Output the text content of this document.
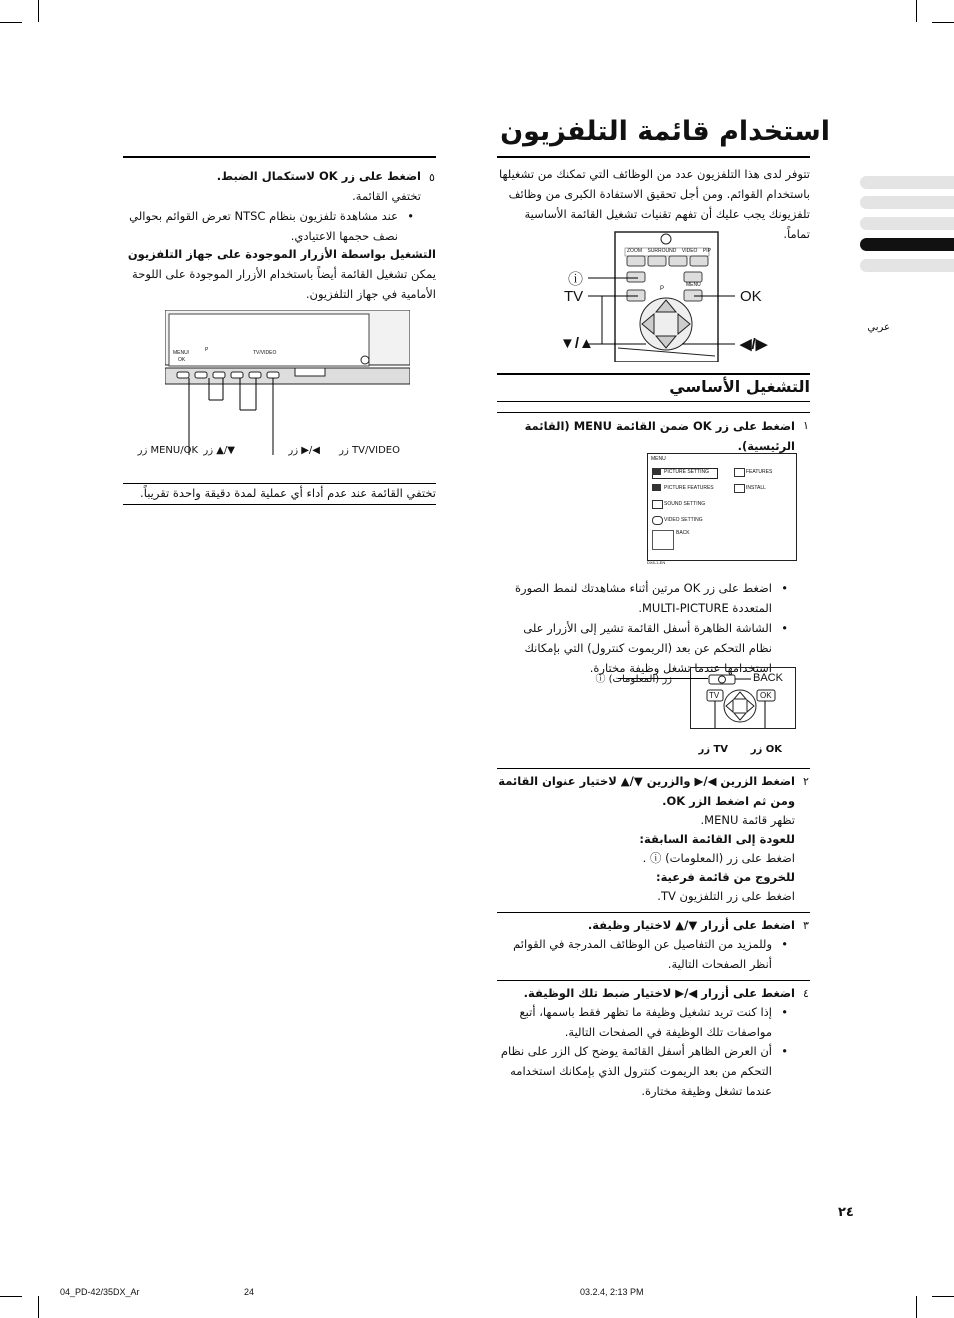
استخدام قائمة التلفزيون
عربي
تتوفر لدى هذا التلفزيون عدد من الوظائف التي تمكنك من تشغيلها باستخدام القوائم. ومن أجل تحقيق الاستفادة الكبرى من وظائف تلفزيونك يجب عليك أن تفهم تقنيات تشغيل القائمة الأساسية تماماً.
ⓘ
TV	OK
▼/▲	◀/▶
ZOOM SURROUND VIDEO PIP
MENU
P
التشغيل الأساسي
١
اضغط على زر OK ضمن القائمة MENU (القائمة الرئيسية).
MENU
PICTURE SETTING	FEATURES
PICTURE FEATURES	INSTALL
SOUND SETTING
VIDEO SETTING
BACK
DX8-1-EN
• اضغط على زر OK مرتين أثناء مشاهدتك لنمط الصورة المتعددة MULTI-PICTURE.
• الشاشة الظاهرة أسفل القائمة تشير إلى الأزرار على نظام التحكم عن بعد (الريموت كنترول) التي بإمكانك استخدامها عندما تشغل وظيفة مختارة.
BACK
TV	OK
زر (المعلومات) ⓘ
TV زر	OK زر
٢
اضغط الزرين ◀/▶ والزرين ▼/▲ لاختيار عنوان القائمة ومن ثم اضغط الزر OK.
تظهر قائمة MENU.
للعودة إلى القائمة السابقة:
اضغط على زر (المعلومات) ⓘ .
للخروج من قائمة فرعية:
اضغط على زر التلفزيون TV.
٣
اضغط على أزرار ▼/▲ لاختيار وظيفة.
• وللمزيد من التفاصيل عن الوظائف المدرجة في القوائم أنظر الصفحات التالية.
٤
اضغط على أزرار ◀/▶ لاختيار ضبط تلك الوظيفة.
• إذا كنت تريد تشغيل وظيفة ما تظهر فقط باسمها، أتبع مواصفات تلك الوظيفة في الصفحات التالية.
• أن العرض الظاهر أسفل القائمة يوضح كل الزر على نظام التحكم من بعد الريموت كنترول الذي بإمكانك استخدامه عندما تشغل وظيفة مختارة.
٥
اضغط على زر OK لاستكمال الضبط.
تختفي القائمة.
• عند مشاهدة تلفزيون بنظام NTSC تعرض القوائم بحوالي نصف حجمها الاعتيادي.
التشغيل بواسطة الأزرار الموجودة على جهاز التلفزيون
يمكن تشغيل القائمة أيضاً باستخدام الأزرار الموجودة على اللوحة الأمامية في جهاز التلفزيون.
MENU/
OK
P	TV/VIDEO
MENU/OK زر ▼/▲ زر	◀/▶ زر	TV/VIDEO زر
تختفي القائمة عند عدم أداء أي عملية لمدة دقيقة واحدة تقريباً.
٢٤
04_PD-42/35DX_Ar	24	03.2.4, 2:13 PM
